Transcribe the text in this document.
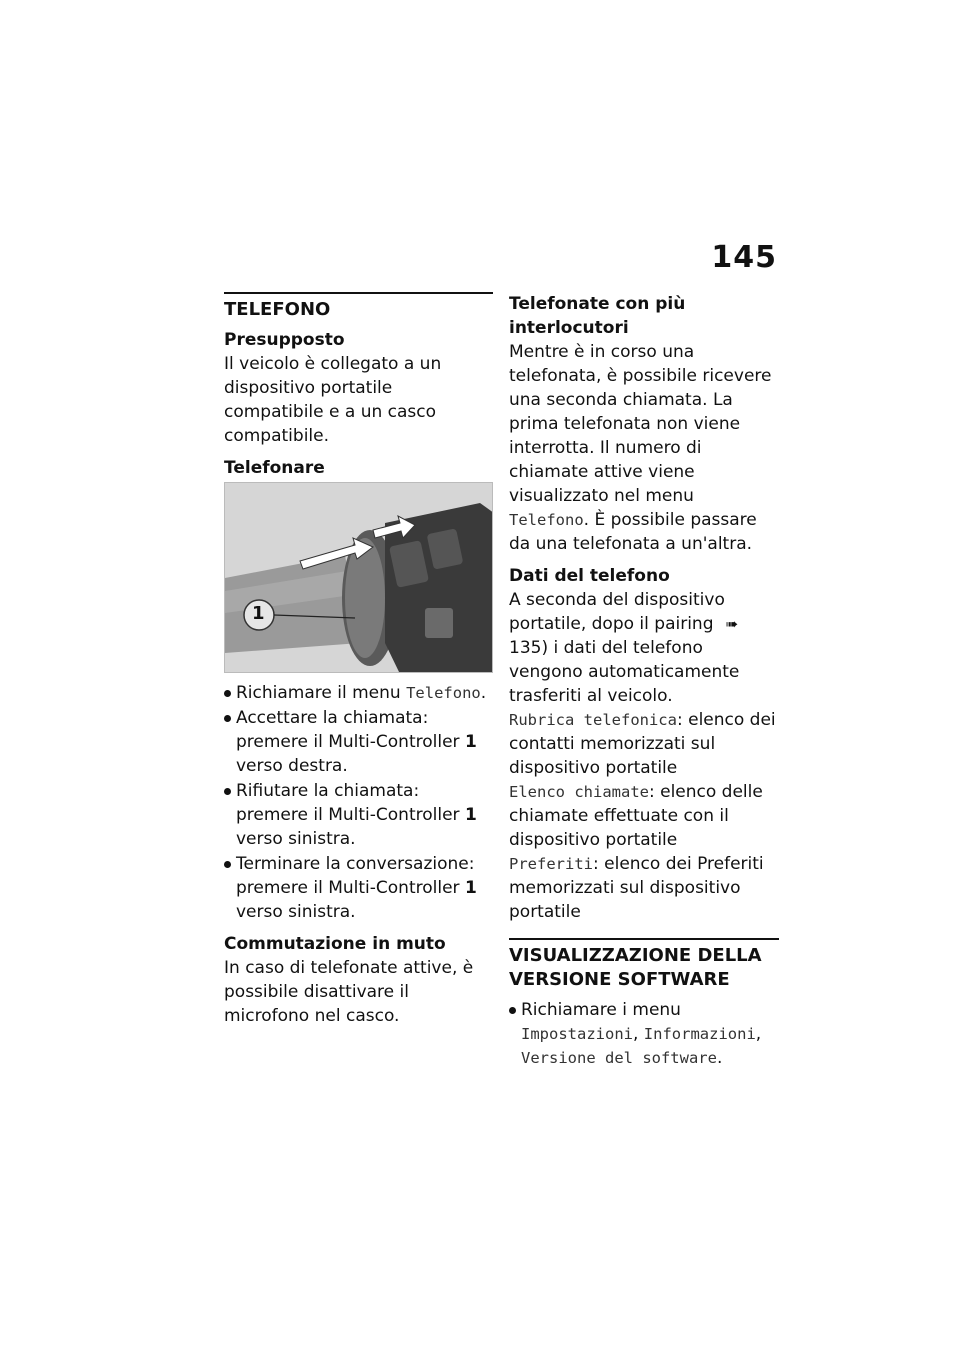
145
TELEFONO
Presupposto

Il veicolo è collegato a un dispositivo portatile compatibile e a un casco compatibile.

Telefonare
1
Richiamare il menu Telefono.
Accettare la chiamata: premere il Multi-Controller 1 verso destra.
Rifiutare la chiamata: premere il Multi-Controller 1 verso sinistra.
Terminare la conversazione: premere il Multi-Controller 1 verso sinistra.
Commutazione in muto

In caso di telefonate attive, è possibile disattivare il microfono nel casco.

Telefonate con più interlocutori

Mentre è in corso una telefonata, è possibile ricevere una seconda chiamata. La prima telefonata non viene interrotta. Il numero di chiamate attive viene visualizzato nel menu Telefono. È possibile passare da una telefonata a un'altra.

Dati del telefono

A seconda del dispositivo portatile, dopo il pairing ➠135) i dati del telefono vengono automaticamente trasferiti al veicolo.

Rubrica telefonica: elenco dei contatti memorizzati sul dispositivo portatile

Elenco chiamate: elenco delle chiamate effettuate con il dispositivo portatile

Preferiti: elenco dei Preferiti memorizzati sul dispositivo portatile

VISUALIZZAZIONE DELLA VERSIONE SOFTWARE
Richiamare i menu Impostazioni, Informazioni, Versione del software.
